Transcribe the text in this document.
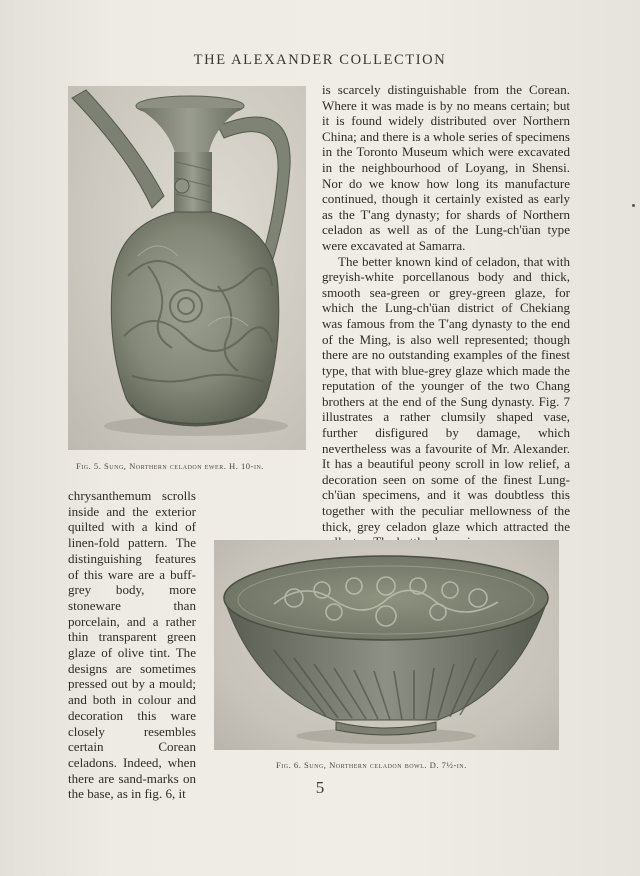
THE ALEXANDER COLLECTION
Fig. 5. Sung, Northern celadon ewer. H. 10-in.

is scarcely distinguishable from the Corean. Where it was made is by no means certain; but it is found widely distributed over Northern China; and there is a whole series of specimens in the Toronto Museum which were excavated in the neighbourhood of Loyang, in Shensi. Nor do we know how long its manufacture continued, though it certainly existed as early as the T'ang dynasty; for shards of Northern celadon as well as of the Lung-ch'üan type were excavated at Samarra.

The better known kind of celadon, that with greyish-white porcellanous body and thick, smooth sea-green or grey-green glaze, for which the Lung-ch'üan district of Chekiang was famous from the T'ang dynasty to the end of the Ming, is also well represented; though there are no outstanding examples of the finest type, that with blue-grey glaze which made the reputation of the younger of the two Chang brothers at the end of the Sung dynasty. Fig. 7 illustrates a rather clumsily shaped vase, further disfigured by damage, which nevertheless was a favourite of Mr. Alexander. It has a beautiful peony scroll in low relief, a decoration seen on some of the finest Lung-ch'üan specimens, and it was doubtless this together with the peculiar mellowness of the thick, grey celadon glaze which attracted the

chrysanthemum scrolls inside and the exterior quilted with a kind of linen-fold pattern. The distinguishing features of this ware are a buff-grey body, more stoneware than porcelain, and a rather thin transparent green glaze of olive tint. The designs are sometimes pressed out by a mould; and both in colour and decoration this ware closely resembles certain Corean celadons. Indeed, when there are sand-marks on the base, as in fig. 6, it

Fig. 6. Sung, Northern celadon bowl. D. 7½-in.
5
